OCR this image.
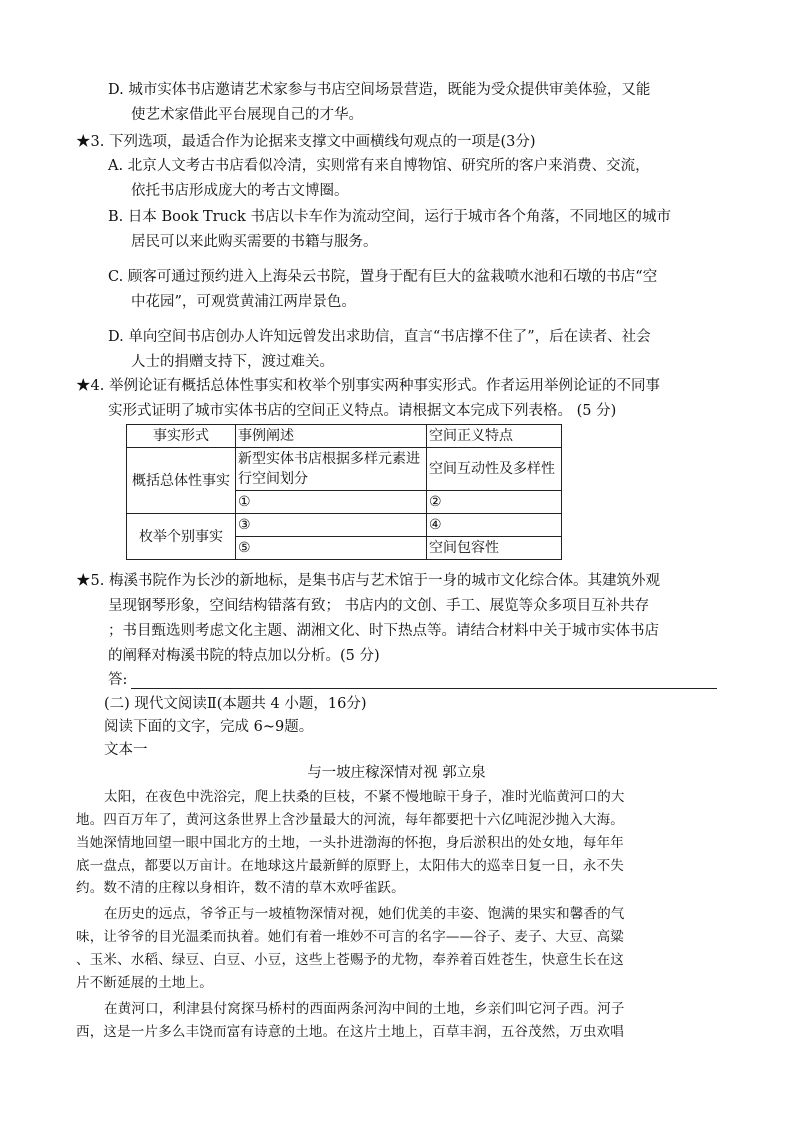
D. 城市实体书店邀请艺术家参与书店空间场景营造，既能为受众提供审美体验，又能
使艺术家借此平台展现自己的才华。
★3. 下列选项，最适合作为论据来支撑文中画横线句观点的一项是(3分)
A. 北京人文考古书店看似冷清，实则常有来自博物馆、研究所的客户来消费、交流，
依托书店形成庞大的考古文博圈。
B. 日本 Book Truck 书店以卡车作为流动空间，运行于城市各个角落，不同地区的城市
居民可以来此购买需要的书籍与服务。
C. 顾客可通过预约进入上海朵云书院，置身于配有巨大的盆栽喷水池和石墩的书店“空
中花园”，可观赏黄浦江两岸景色。
D. 单向空间书店创办人许知远曾发出求助信，直言“书店撑不住了”，后在读者、社会
人士的捐赠支持下，渡过难关。
★4. 举例论证有概括总体性事实和枚举个别事实两种事实形式。作者运用举例论证的不同事
实形式证明了城市实体书店的空间正义特点。请根据文本完成下列表格。 (5 分)
事实形式	事例阐述	空间正义特点
概括总体性事实	新型实体书店根据多样元素进行空间划分	空间互动性及多样性
	①	②
枚举个别事实	③	④
	⑤	空间包容性
★5. 梅溪书院作为长沙的新地标，是集书店与艺术馆于一身的城市文化综合体。其建筑外观
呈现钢琴形象，空间结构错落有致； 书店内的文创、手工、展览等众多项目互补共存
；书目甄选则考虑文化主题、湖湘文化、时下热点等。请结合材料中关于城市实体书店
的阐释对梅溪书院的特点加以分析。(5 分)
答:
(二) 现代文阅读Ⅱ(本题共 4 小题，16分)
阅读下面的文字，完成 6~9题。
文本一
与一坡庄稼深情对视 郭立泉
太阳，在夜色中洗浴完，爬上扶桑的巨枝，不紧不慢地晾干身子，准时光临黄河口的大
地。四百万年了，黄河这条世界上含沙量最大的河流，每年都要把十六亿吨泥沙抛入大海。
当她深情地回望一眼中国北方的土地，一头扑进渤海的怀抱，身后淤积出的处女地，每年年
底一盘点，都要以万亩计。在地球这片最新鲜的原野上，太阳伟大的巡幸日复一日，永不失
约。数不清的庄稼以身相许，数不清的草木欢呼雀跃。
在历史的远点，爷爷正与一坡植物深情对视，她们优美的丰姿、饱满的果实和馨香的气
味，让爷爷的目光温柔而执着。她们有着一堆妙不可言的名字——谷子、麦子、大豆、高粱
、玉米、水稻、绿豆、白豆、小豆，这些上苍赐予的尤物，奉养着百姓苍生，快意生长在这
片不断延展的土地上。
在黄河口，利津县付窝探马桥村的西面两条河沟中间的土地，乡亲们叫它河子西。河子
西，这是一片多么丰饶而富有诗意的土地。在这片土地上，百草丰润，五谷茂然，万虫欢唱
